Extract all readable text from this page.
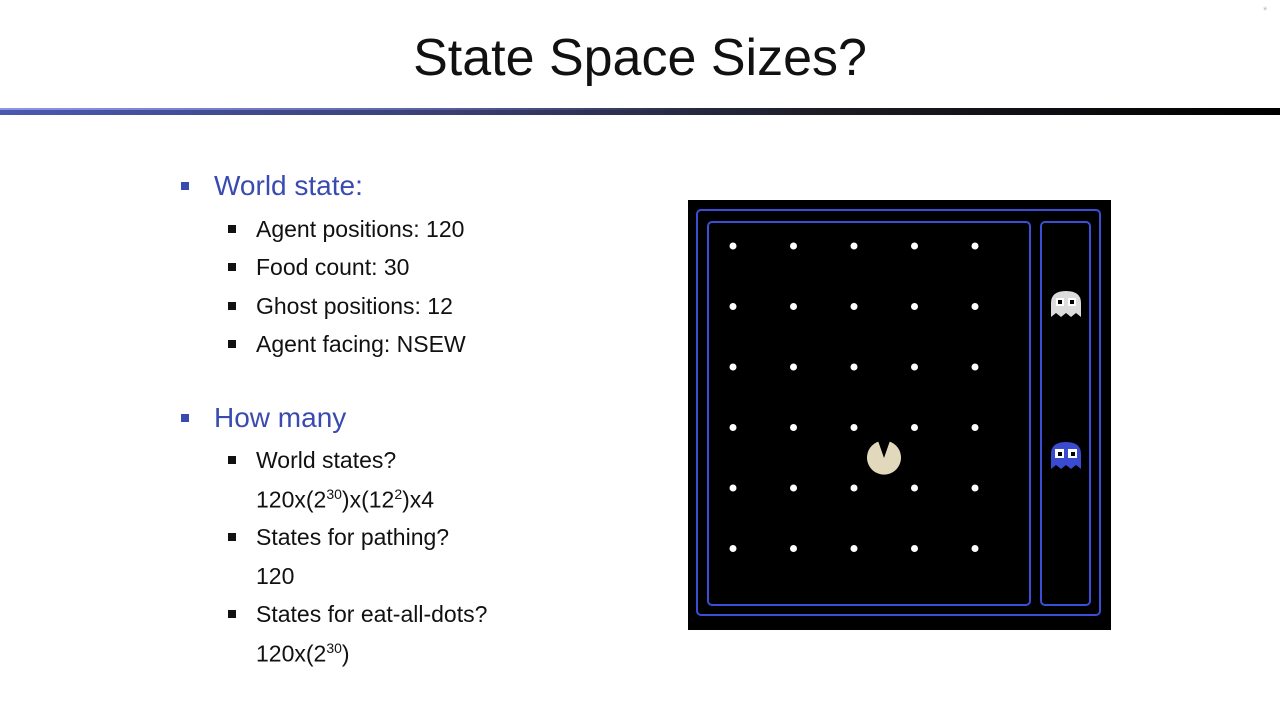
*
State Space Sizes?
World state:
Agent positions: 120
Food count: 30
Ghost positions: 12
Agent facing: NSEW
How many
World states?
$120x(2^{30})x(12^2)x4$
States for pathing?
120
States for eat-all-dots?
$120x(2^{30})$
